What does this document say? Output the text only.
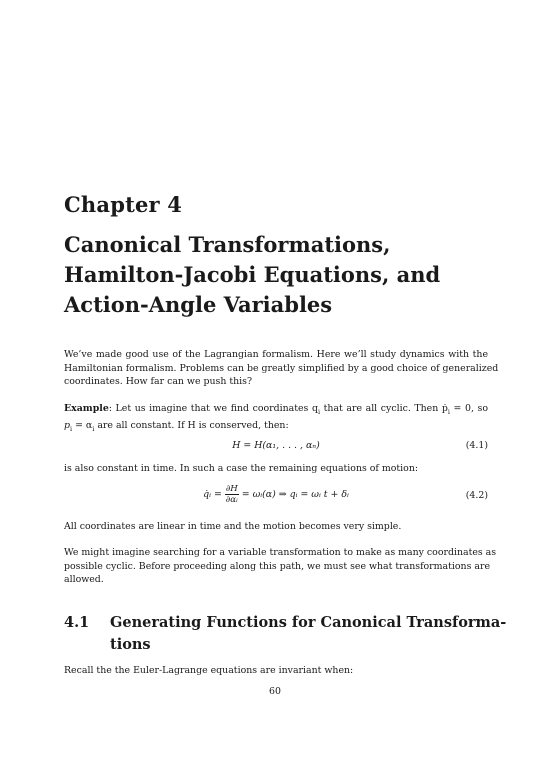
Chapter 4
Canonical Transformations,
Hamilton-Jacobi Equations, and
Action-Angle Variables
We’ve made good use of the Lagrangian formalism. Here we’ll study dynamics with the
Hamiltonian formalism. Problems can be greatly simplified by a good choice of generalized
coordinates. How far can we push this?
Example: Let us imagine that we find coordinates $q_i$ that are all cyclic. Then ṗ$_i$ = 0, so
$p_i = \alpha_i$ are all constant. If H is conserved, then:
H = H(α₁, . . . , αₙ)	(4.1)
is also constant in time. In such a case the remaining equations of motion:
q̇ᵢ = $\frac{\partial H}{\text{∂αᵢ}}$ = ωᵢ(α) ⇒ qᵢ = ωᵢ t + δᵢ	(4.2)
All coordinates are linear in time and the motion becomes very simple.
We might imagine searching for a variable transformation to make as many coordinates as
possible cyclic. Before proceeding along this path, we must see what transformations are
allowed.
4.1 Generating Functions for Canonical Transforma-
tions
Recall the the Euler-Lagrange equations are invariant when:
60
